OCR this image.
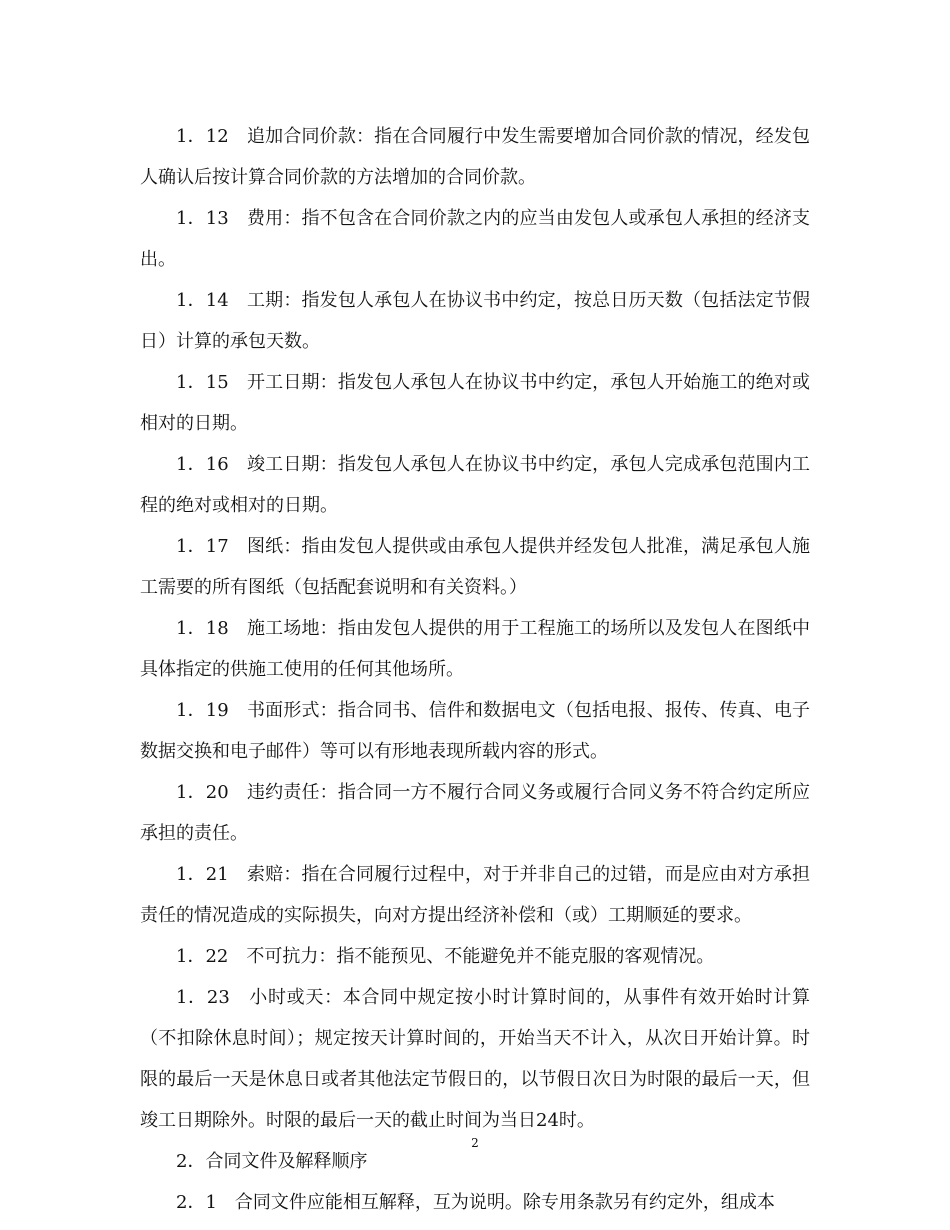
1．12　追加合同价款：指在合同履行中发生需要增加合同价款的情况，经发包人确认后按计算合同价款的方法增加的合同价款。

1．13　费用：指不包含在合同价款之内的应当由发包人或承包人承担的经济支出。

1．14　工期：指发包人承包人在协议书中约定，按总日历天数（包括法定节假日）计算的承包天数。

1．15　开工日期：指发包人承包人在协议书中约定，承包人开始施工的绝对或相对的日期。

1．16　竣工日期：指发包人承包人在协议书中约定，承包人完成承包范围内工程的绝对或相对的日期。

1．17　图纸：指由发包人提供或由承包人提供并经发包人批准，满足承包人施工需要的所有图纸（包括配套说明和有关资料。）

1．18　施工场地：指由发包人提供的用于工程施工的场所以及发包人在图纸中具体指定的供施工使用的任何其他场所。

1．19　书面形式：指合同书、信件和数据电文（包括电报、报传、传真、电子数据交换和电子邮件）等可以有形地表现所载内容的形式。

1．20　违约责任：指合同一方不履行合同义务或履行合同义务不符合约定所应承担的责任。

1．21　索赔：指在合同履行过程中，对于并非自己的过错，而是应由对方承担责任的情况造成的实际损失，向对方提出经济补偿和（或）工期顺延的要求。

1．22　不可抗力：指不能预见、不能避免并不能克服的客观情况。

1．23　小时或天：本合同中规定按小时计算时间的，从事件有效开始时计算（不扣除休息时间）；规定按天计算时间的，开始当天不计入，从次日开始计算。时限的最后一天是休息日或者其他法定节假日的，以节假日次日为时限的最后一天，但竣工日期除外。时限的最后一天的截止时间为当日24时。

2．合同文件及解释顺序

2．1　合同文件应能相互解释，互为说明。除专用条款另有约定外，组成本

2
